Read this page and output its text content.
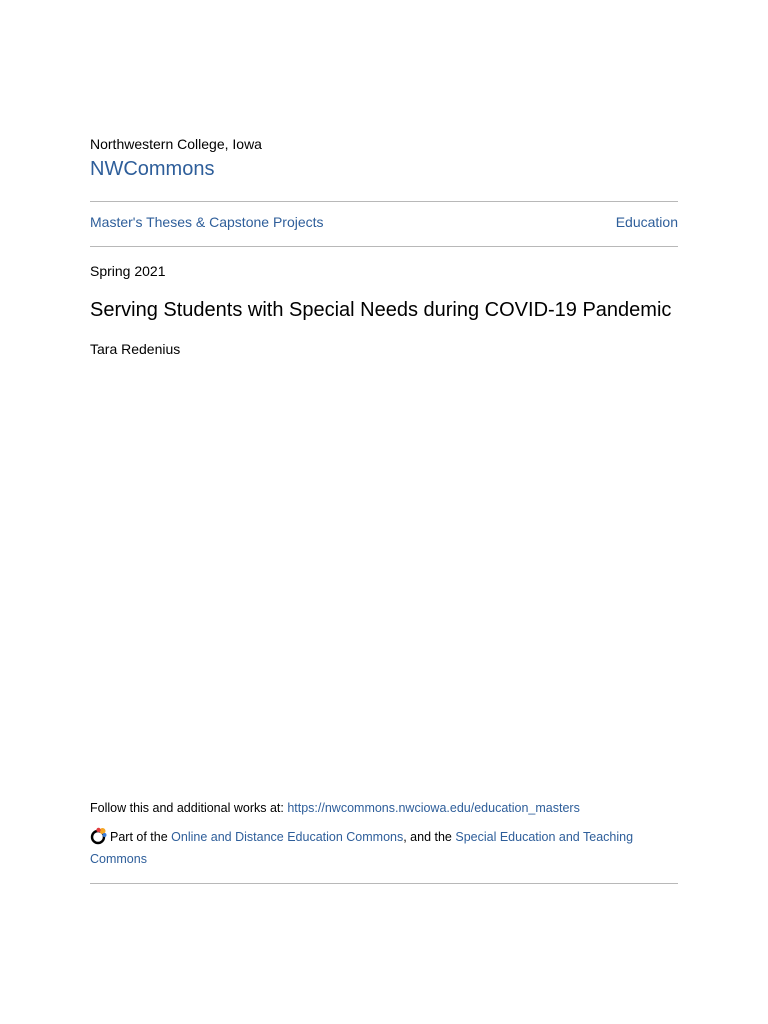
Northwestern College, Iowa
NWCommons
Master's Theses & Capstone Projects	Education
Spring 2021
Serving Students with Special Needs during COVID-19 Pandemic
Tara Redenius
Follow this and additional works at: https://nwcommons.nwciowa.edu/education_masters
Part of the Online and Distance Education Commons, and the Special Education and Teaching Commons
